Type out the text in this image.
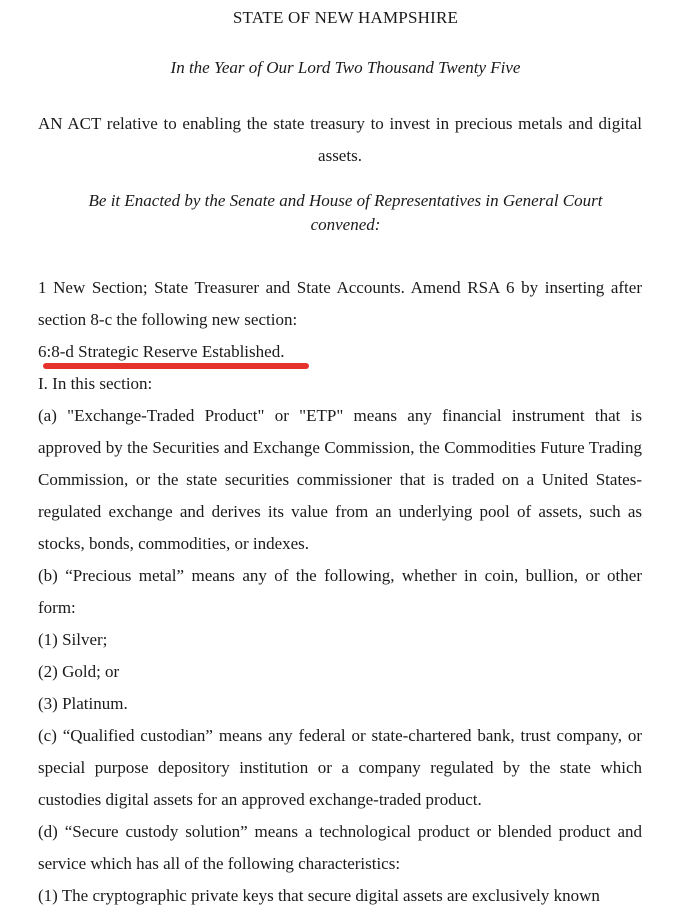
STATE OF NEW HAMPSHIRE
In the Year of Our Lord Two Thousand Twenty Five
AN ACT relative to enabling the state treasury to invest in precious metals and digital assets.
Be it Enacted by the Senate and House of Representatives in General Court convened:

1 New Section; State Treasurer and State Accounts. Amend RSA 6 by inserting after section 8-c the following new section:

6:8-d Strategic Reserve Established.

I. In this section:

(a) "Exchange-Traded Product" or "ETP" means any financial instrument that is approved by the Securities and Exchange Commission, the Commodities Future Trading Commission, or the state securities commissioner that is traded on a United States-regulated exchange and derives its value from an underlying pool of assets, such as stocks, bonds, commodities, or indexes.

(b) “Precious metal” means any of the following, whether in coin, bullion, or other form:

(1) Silver;

(2) Gold; or

(3) Platinum.

(c) “Qualified custodian” means any federal or state-chartered bank, trust company, or special purpose depository institution or a company regulated by the state which custodies digital assets for an approved exchange-traded product.

(d) “Secure custody solution” means a technological product or blended product and service which has all of the following characteristics:

(1) The cryptographic private keys that secure digital assets are exclusively known
